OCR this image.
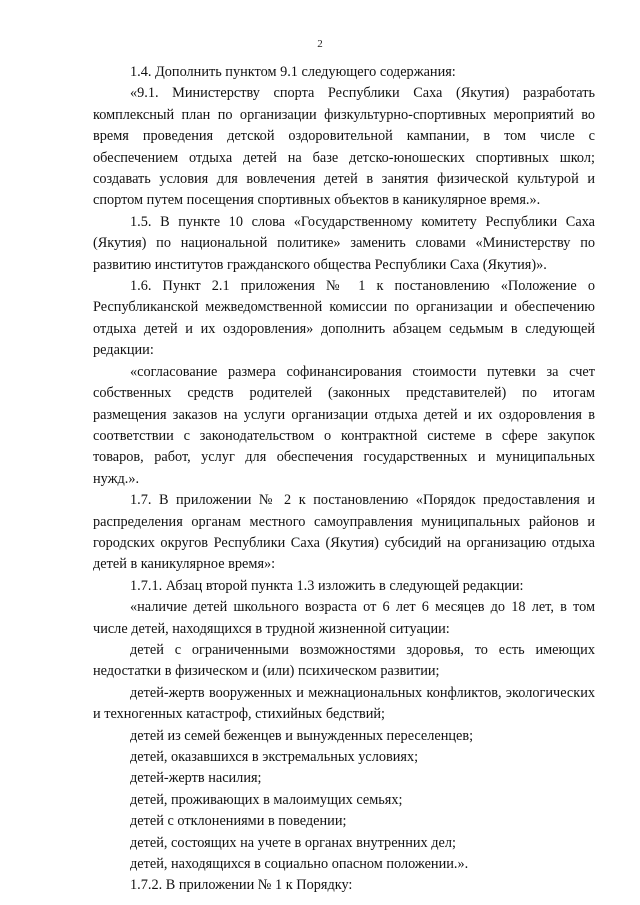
2

1.4. Дополнить пунктом 9.1 следующего содержания:

«9.1. Министерству спорта Республики Саха (Якутия) разработать комплексный план по организации физкультурно-спортивных мероприятий во время проведения детской оздоровительной кампании, в том числе с обеспечением отдыха детей на базе детско-юношеских спортивных школ; создавать условия для вовлечения детей в занятия физической культурой и спортом путем посещения спортивных объектов в каникулярное время.».

1.5. В пункте 10 слова «Государственному комитету Республики Саха (Якутия) по национальной политике» заменить словами «Министерству по развитию институтов гражданского общества Республики Саха (Якутия)».

1.6. Пункт 2.1 приложения № 1 к постановлению «Положение о Республиканской межведомственной комиссии по организации и обеспечению отдыха детей и их оздоровления» дополнить абзацем седьмым в следующей редакции:

«согласование размера софинансирования стоимости путевки за счет собственных средств родителей (законных представителей) по итогам размещения заказов на услуги организации отдыха детей и их оздоровления в соответствии с законодательством о контрактной системе в сфере закупок товаров, работ, услуг для обеспечения государственных и муниципальных нужд.».

1.7. В приложении № 2 к постановлению «Порядок предоставления и распределения органам местного самоуправления муниципальных районов и городских округов Республики Саха (Якутия) субсидий на организацию отдыха детей в каникулярное время»:

1.7.1. Абзац второй пункта 1.3 изложить в следующей редакции:

«наличие детей школьного возраста от 6 лет 6 месяцев до 18 лет, в том числе детей, находящихся в трудной жизненной ситуации:

детей с ограниченными возможностями здоровья, то есть имеющих недостатки в физическом и (или) психическом развитии;

детей-жертв вооруженных и межнациональных конфликтов, экологических и техногенных катастроф, стихийных бедствий;

детей из семей беженцев и вынужденных переселенцев;

детей, оказавшихся в экстремальных условиях;

детей-жертв насилия;

детей, проживающих в малоимущих семьях;

детей с отклонениями в поведении;

детей, состоящих на учете в органах внутренних дел;

детей, находящихся в социально опасном положении.».

1.7.2. В приложении № 1 к Порядку:
